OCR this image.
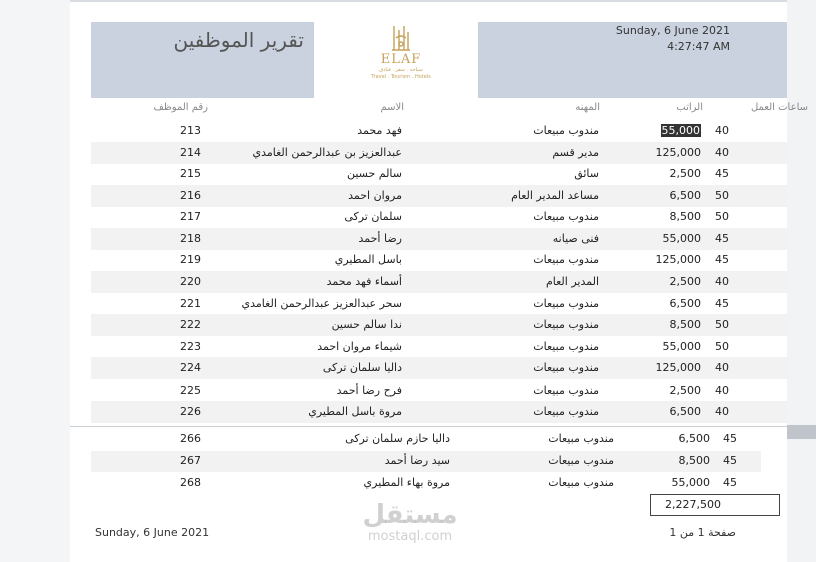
تقرير الموظفين
ELAF
سياحة . سفر . فنادق
Travel . Tourism . Hotels
Sunday, 6 June 2021
4:27:47 AM
رقم الموظف	الاسم	المهنه	الراتب	ساعات العمل
213	فهد محمد	مندوب مبيعات	55,000 40
214	عبدالعزيز بن عبدالرحمن الغامدي	مدير قسم	125,000 40
215	سالم حسين	سائق	2,500 45
216	مروان احمد	مساعد المدير العام	6,500 50
217	سلمان تركى	مندوب مبيعات	8,500 50
218	رضا أحمد	فنى صيانه	55,000 45
219	باسل المطيري	مندوب مبيعات	125,000 45
220	أسماء فهد محمد	المدير العام	2,500 40
221	سحر عبدالعزيز عبدالرحمن الغامدي	مندوب مبيعات	6,500 45
222	ندا سالم حسين	مندوب مبيعات	8,500 50
223	شيماء مروان احمد	مندوب مبيعات	55,000 50
224	داليا سلمان تركى	مندوب مبيعات	125,000 40
225	فرح رضا أحمد	مندوب مبيعات	2,500 40
226	مروة باسل المطيري	مندوب مبيعات	6,500 40
266	داليا حازم سلمان تركى	مندوب مبيعات	6,500 45
267	سيد رضا أحمد	مندوب مبيعات	8,500 45
268	مروة بهاء المطيري	مندوب مبيعات	55,000 45
2,227,500
مستقل
mostaql.com
Sunday, 6 June 2021	صفحة 1 من 1
